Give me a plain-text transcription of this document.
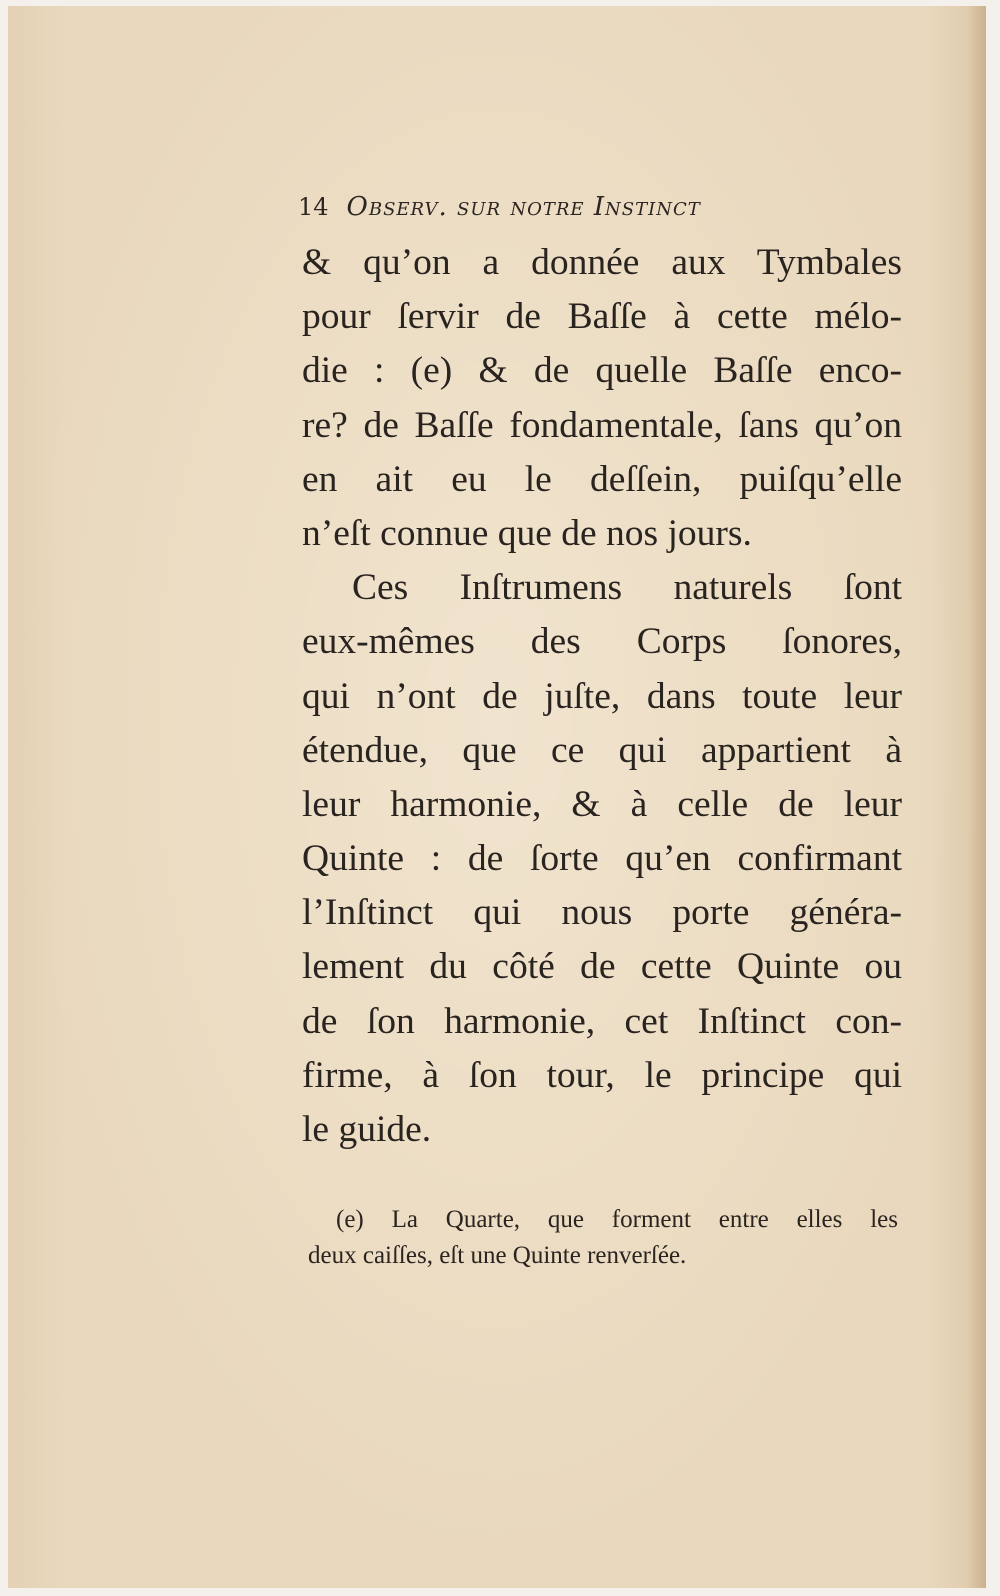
14 Observ. sur notre Instinct
& qu’on a donnée aux Tymbales
pour ſervir de Baſſe à cette mélo-
die : (e) & de quelle Baſſe enco-
re? de Baſſe fondamentale, ſans qu’on
en ait eu le deſſein, puiſqu’elle
n’eſt connue que de nos jours.
Ces Inſtrumens naturels ſont
eux-mêmes des Corps ſonores,
qui n’ont de juſte, dans toute leur
étendue, que ce qui appartient à
leur harmonie, & à celle de leur
Quinte : de ſorte qu’en confirmant
l’Inſtinct qui nous porte généra-
lement du côté de cette Quinte ou
de ſon harmonie, cet Inſtinct con-
firme, à ſon tour, le principe qui
le guide.
(e) La Quarte, que forment entre elles les
deux caiſſes, eſt une Quinte renverſée.
